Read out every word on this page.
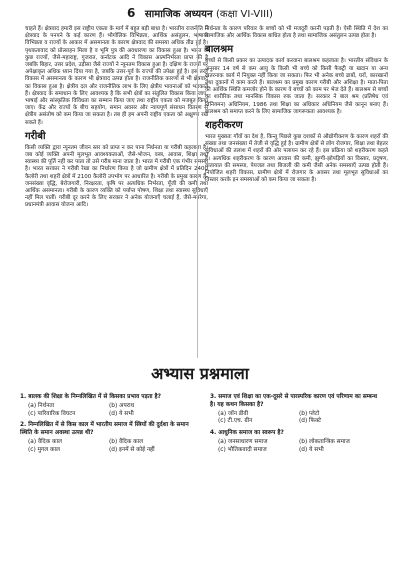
6 सामाजिक अध्ययन (कक्षा VI-VIII)

चाहते हैं। क्षेत्रवाद हमारी इस राष्ट्रीय एकता के मार्ग में बहुत बड़ी बाधा है। भारतीय राजनीति में क्षेत्रवाद के पनपने के कई कारण हैं। भौगोलिक विभिन्नता, आर्थिक असंतुलन, भाषायी विभिन्नता व राज्यों के आकार में असमानता के कारण क्षेत्रवाद की समस्या अधिक तीव्र हुई है। पृथकतावाद को प्रोत्साहन मिला है व भूमि पुत्र की अवधारणा का विकास हुआ है। भारत के कुछ राज्यों, जैसे-महाराष्ट्र, गुजरात, कर्नाटक आदि ने विकास आत्मनिर्भरता प्राप्त की है जबकि बिहार, उत्तर प्रदेश, उड़ीसा जैसे राज्यों ने न्यूनतम विकास हुआ है। दक्षिण के राज्यों पर अपेक्षाकृत अधिक ध्यान दिया गया है, जबकि उत्तर-पूर्व के राज्यों की उपेक्षा हुई है। इस तरह विकास में असमानता के कारण भी क्षेत्रवाद उत्पन्न होता है। राजनीतिक कारणों से भी क्षेत्रवाद का विकास हुआ है। क्षेत्रीय दल और राजनीतिक लाभ के लिए क्षेत्रीय भावनाओं को भड़काते हैं। क्षेत्रवाद के समाधान के लिए आवश्यक है कि सभी क्षेत्रों का संतुलित विकास किया जाए, भाषाई और सांस्कृतिक विविधता का सम्मान किया जाए तथा राष्ट्रीय एकता को मजबूत किया जाए। केंद्र और राज्यों के बीच सहयोग, समान अवसर और न्यायपूर्ण संसाधन वितरण से क्षेत्रीय असंतोष को कम किया जा सकता है। तब ही हम अपनी राष्ट्रीय एकता को अक्षुण्ण रख सकते हैं।

गरीबी

किसी व्यक्ति द्वारा न्यूनतम जीवन स्तर को प्राप्त न कर पाना निर्धनता या गरीबी कहलाता है। जब कोई व्यक्ति अपनी मूलभूत आवश्यकताओं, जैसे-भोजन, वस्त्र, आवास, शिक्षा तथा स्वास्थ्य की पूर्ति नहीं कर पाता तो उसे गरीब माना जाता है। भारत में गरीबी एक गंभीर समस्या है। भारत सरकार ने गरीबी रेखा का निर्धारण किया है जो ग्रामीण क्षेत्रों में प्रतिदिन 2400 कैलोरी तथा शहरी क्षेत्रों में 2100 कैलोरी उपभोग पर आधारित है। गरीबी के प्रमुख कारण हैं-जनसंख्या वृद्धि, बेरोजगारी, निरक्षरता, कृषि पर अत्यधिक निर्भरता, पूँजी की कमी तथा आर्थिक असमानता। गरीबी के कारण व्यक्ति को पर्याप्त पोषण, शिक्षा तथा स्वास्थ्य सुविधाएँ नहीं मिल पातीं। गरीबी दूर करने के लिए सरकार ने अनेक योजनाएँ चलाई हैं, जैसे-मनरेगा, प्रधानमंत्री आवास योजना आदि।

निर्धनता के कारण परिवार के बच्चों को भी मजदूरी करनी पड़ती है। ऐसी स्थिति में देश का सामाजिक और आर्थिक विकास बाधित होता है तथा सामाजिक असंतुलन उत्पन्न होता है।

बालश्रम

बच्चों से किसी प्रकार का उत्पादक कार्य करवाना बालश्रम कहलाता है। भारतीय संविधान के अनुसार 14 वर्ष से कम आयु के किसी भी बच्चे को किसी फैक्ट्री या खदान या अन्य खतरनाक कार्य में नियुक्त नहीं किया जा सकता। फिर भी अनेक बच्चे ढाबों, घरों, कारखानों तथा दुकानों में काम करते हैं। बालश्रम का प्रमुख कारण गरीबी और अशिक्षा है। माता-पिता की आर्थिक स्थिति कमजोर होने के कारण वे बच्चों को काम पर भेज देते हैं। बालश्रम से बच्चों का शारीरिक तथा मानसिक विकास रुक जाता है। सरकार ने बाल श्रम (प्रतिषेध एवं विनियमन) अधिनियम, 1986 तथा शिक्षा का अधिकार अधिनियम जैसे कानून बनाए हैं। बालश्रम को समाप्त करने के लिए सामाजिक जागरूकता आवश्यक है।

शहरीकरण

भारत मुख्यतः गाँवों का देश है, किन्तु पिछले कुछ दशकों से औद्योगीकरण के कारण शहरों की संख्या तथा जनसंख्या में तेजी से वृद्धि हुई है। ग्रामीण क्षेत्रों से लोग रोजगार, शिक्षा तथा बेहतर सुविधाओं की तलाश में शहरों की ओर पलायन कर रहे हैं। इस प्रक्रिया को शहरीकरण कहते हैं। अत्यधिक शहरीकरण के कारण आवास की कमी, झुग्गी-झोपड़ियों का विस्तार, प्रदूषण, यातायात की समस्या, पेयजल तथा बिजली की कमी जैसी अनेक समस्याएँ उत्पन्न होती हैं। नियोजित शहरी विकास, ग्रामीण क्षेत्रों में रोजगार के अवसर तथा मूलभूत सुविधाओं का विस्तार करके इन समस्याओं को कम किया जा सकता है।

अभ्यास प्रश्नमाला
1. बालक की शिक्षा के निम्नलिखित में से किसका प्रभाव पड़ता है?
(a) निर्धनता	(b) अपराध
(c) पारिवारिक विघटन	(d) ये सभी
2. निम्नलिखित में से किस काल में भारतीय समाज में स्त्रियों की दुर्दशा के समान स्थिति के समान अवस्था उत्पन्न थी?
(a) वैदिक काल	(b) वैदिक काल
(c) मुगल काल	(d) इनमें से कोई नहीं
3. समाज एवं शिक्षा का एक-दूसरे से पारस्परिक कारण एवं परिणाम का सम्बन्ध है। यह कथन किसका है?
(a) जॉन डीवी	(b) प्लेटो
(c) टी.एच. ग्रीन	(d) फिक्टे
4. आधुनिक समाज का स्वरूप है?
(a) जनसाधारण समाज	(b) लोकतान्त्रिक समाज
(c) भौतिकवादी समाज	(d) ये सभी
